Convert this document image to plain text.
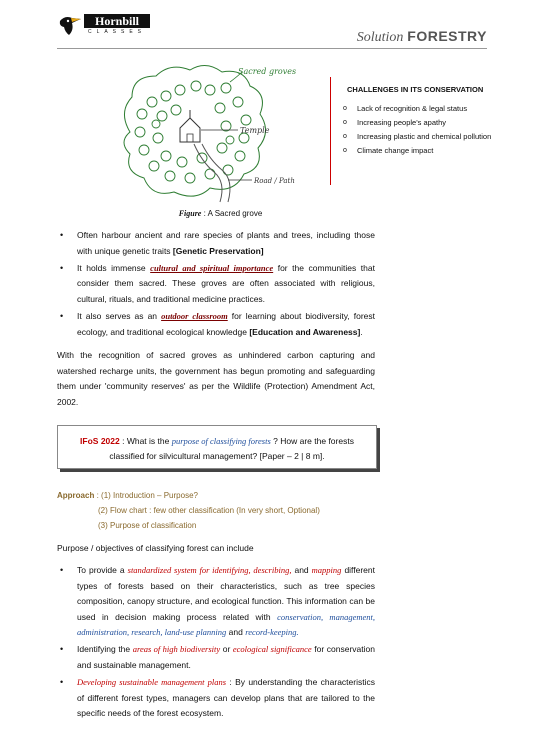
Hornbill
CLASSES	Solution FORESTRY
Sacred groves
Temple
Road / Path
Figure : A Sacred grove
CHALLENGES IN ITS CONSERVATION
o Lack of recognition & legal status
o Increasing people's apathy
o Increasing plastic and chemical pollution
o Climate change impact
• Often harbour ancient and rare species of plants and trees, including those with unique genetic traits [Genetic Preservation]
• It holds immense cultural and spiritual importance for the communities that consider them sacred. These groves are often associated with religious, cultural, rituals, and traditional medicine practices.
• It also serves as an outdoor classroom for learning about biodiversity, forest ecology, and traditional ecological knowledge [Education and Awareness].
With the recognition of sacred groves as unhindered carbon capturing and watershed recharge units, the government has begun promoting and safeguarding them under 'community reserves' as per the Wildlife (Protection) Amendment Act, 2002.

IFoS 2022 : What is the purpose of classifying forests ? How are the forests classified for silvicultural management? [Paper – 2 | 8 m].

Approach : (1) Introduction – Purpose?
(2) Flow chart : few other classification (In very short, Optional)
(3) Purpose of classification
Purpose / objectives of classifying forest can include
• To provide a standardized system for identifying, describing, and mapping different types of forests based on their characteristics, such as tree species composition, canopy structure, and ecological function. This information can be used in decision making process related with conservation, management, administration, research, land-use planning and record-keeping.
• Identifying the areas of high biodiversity or ecological significance for conservation and sustainable management.
• Developing sustainable management plans : By understanding the characteristics of different forest types, managers can develop plans that are tailored to the specific needs of the forest ecosystem.
